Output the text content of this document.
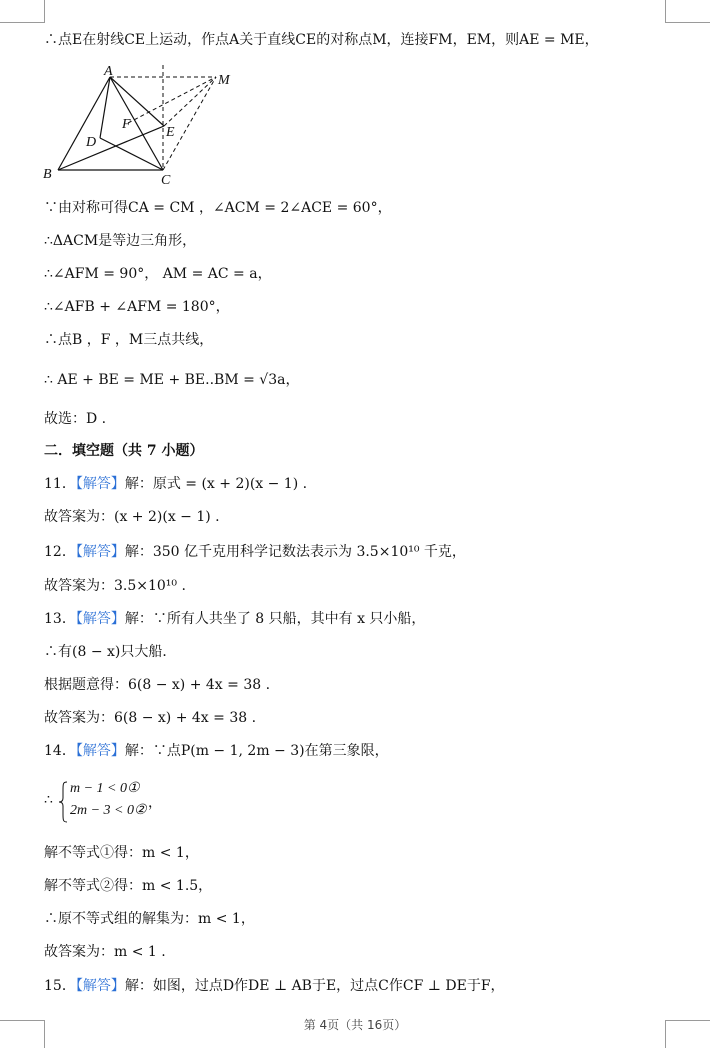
∴点E在射线CE上运动，作点A关于直线CE的对称点M，连接FM，EM，则AE = ME，
A
B	C
D
E
F
M
∵由对称可得CA = CM ，∠ACM = 2∠ACE = 60°，
∴ΔACM是等边三角形，
∴∠AFM = 90°， AM = AC = a，
∴∠AFB + ∠AFM = 180°，
∴点B ，F ，M三点共线，
∴ AE + BE = ME + BE..BM = √3a，
故选：D .
二．填空题（共 7 小题）
11．【解答】解：原式 = (x + 2)(x − 1) .
故答案为：(x + 2)(x − 1) .
12．【解答】解：350 亿千克用科学记数法表示为 3.5×10¹⁰ 千克，
故答案为：3.5×10¹⁰ .
13．【解答】解：∵所有人共坐了 8 只船，其中有 x 只小船，
∴有(8 − x)只大船．
根据题意得：6(8 − x) + 4x = 38 .
故答案为：6(8 − x) + 4x = 38 .
14．【解答】解：∵点P(m − 1, 2m − 3)在第三象限，
∴
m − 1 < 0①
2m − 3 < 0② ，
解不等式①得：m < 1，
解不等式②得：m < 1.5，
∴原不等式组的解集为：m < 1，
故答案为：m < 1 .
15．【解答】解：如图，过点D作DE ⊥ AB于E，过点C作CF ⊥ DE于F，
第 4页（共 16页）
